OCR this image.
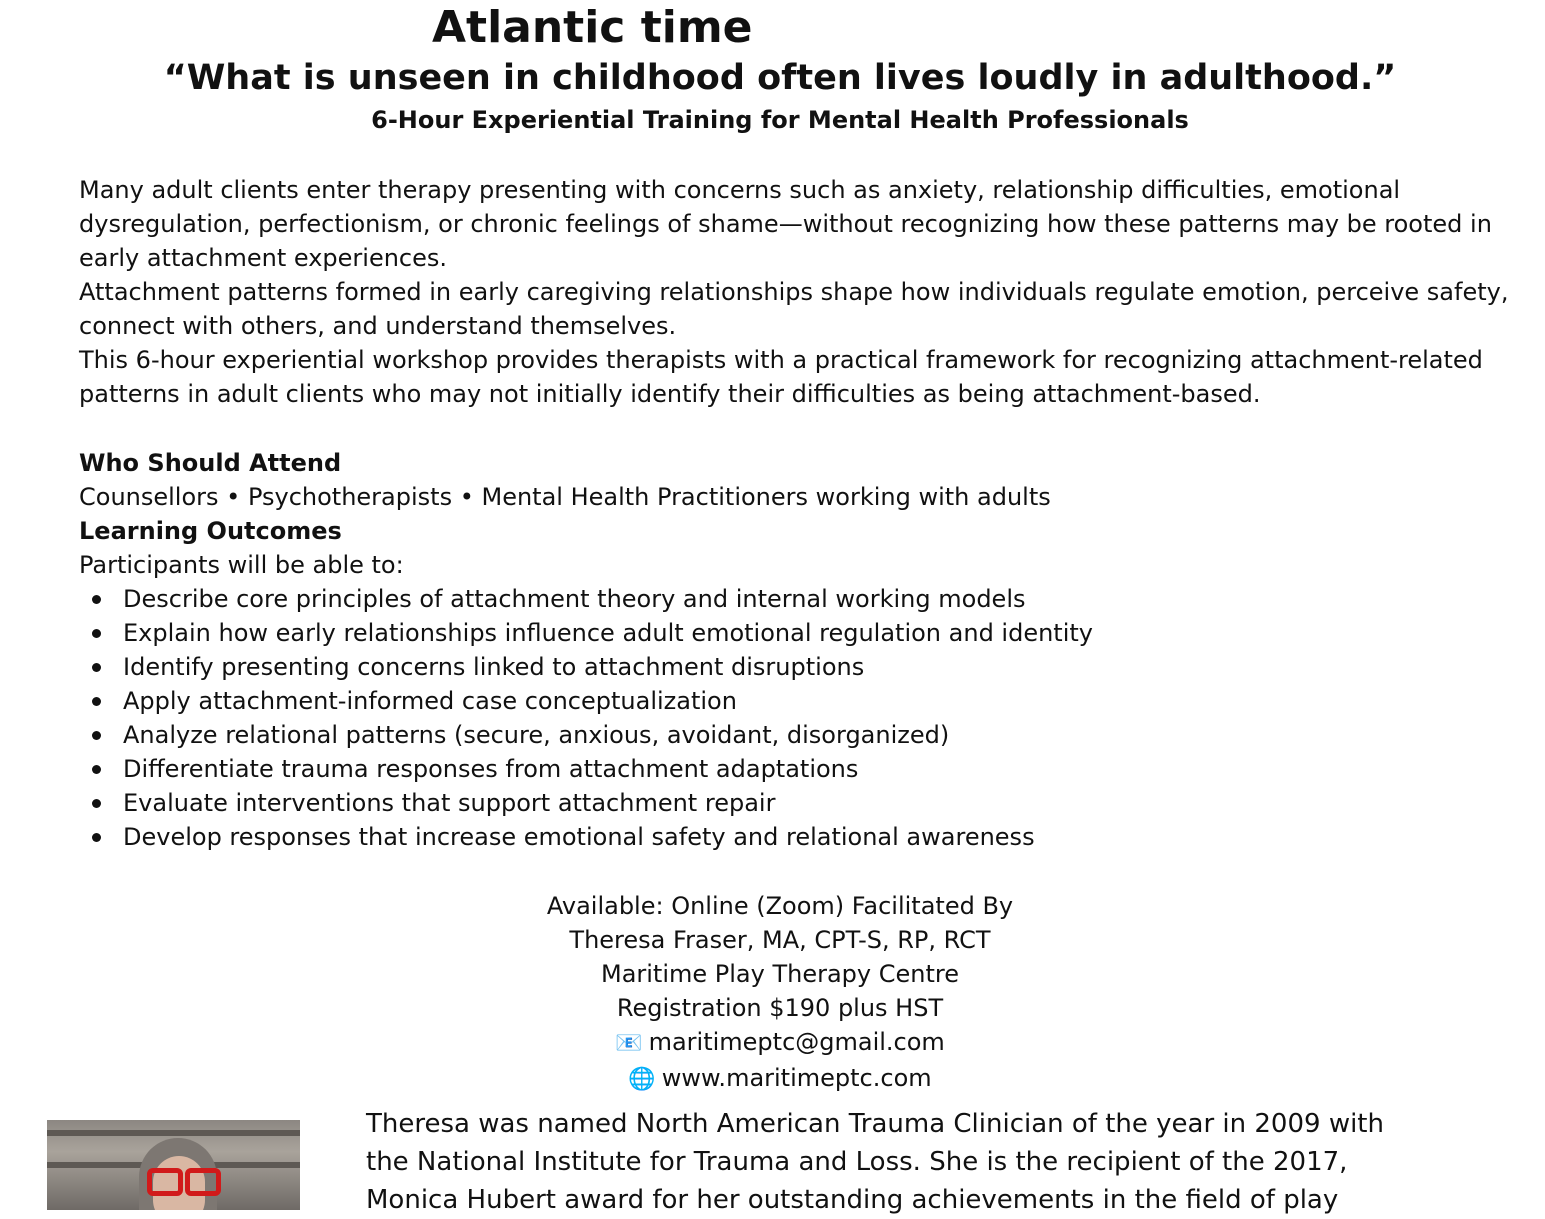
Atlantic time
“What is unseen in childhood often lives loudly in adulthood.”
6-Hour Experiential Training for Mental Health Professionals

Many adult clients enter therapy presenting with concerns such as anxiety, relationship difficulties, emotional dysregulation, perfectionism, or chronic feelings of shame—without recognizing how these patterns may be rooted in early attachment experiences.

Attachment patterns formed in early caregiving relationships shape how individuals regulate emotion, perceive safety, connect with others, and understand themselves.

This 6-hour experiential workshop provides therapists with a practical framework for recognizing attachment-related patterns in adult clients who may not initially identify their difficulties as being attachment-based.

Who Should Attend
Counsellors • Psychotherapists • Mental Health Practitioners working with adults
Learning Outcomes
Participants will be able to:
Describe core principles of attachment theory and internal working models
Explain how early relationships influence adult emotional regulation and identity
Identify presenting concerns linked to attachment disruptions
Apply attachment-informed case conceptualization
Analyze relational patterns (secure, anxious, avoidant, disorganized)
Differentiate trauma responses from attachment adaptations
Evaluate interventions that support attachment repair
Develop responses that increase emotional safety and relational awareness
Available: Online (Zoom) Facilitated By
Theresa Fraser, MA, CPT-S, RP, RCT
Maritime Play Therapy Centre
Registration $190 plus HST
📧 maritimeptc@gmail.com
🌐 www.maritimeptc.com
Theresa was named North American Trauma Clinician of the year in 2009 with
the National Institute for Trauma and Loss. She is the recipient of the 2017,
Monica Hubert award for her outstanding achievements in the field of play
